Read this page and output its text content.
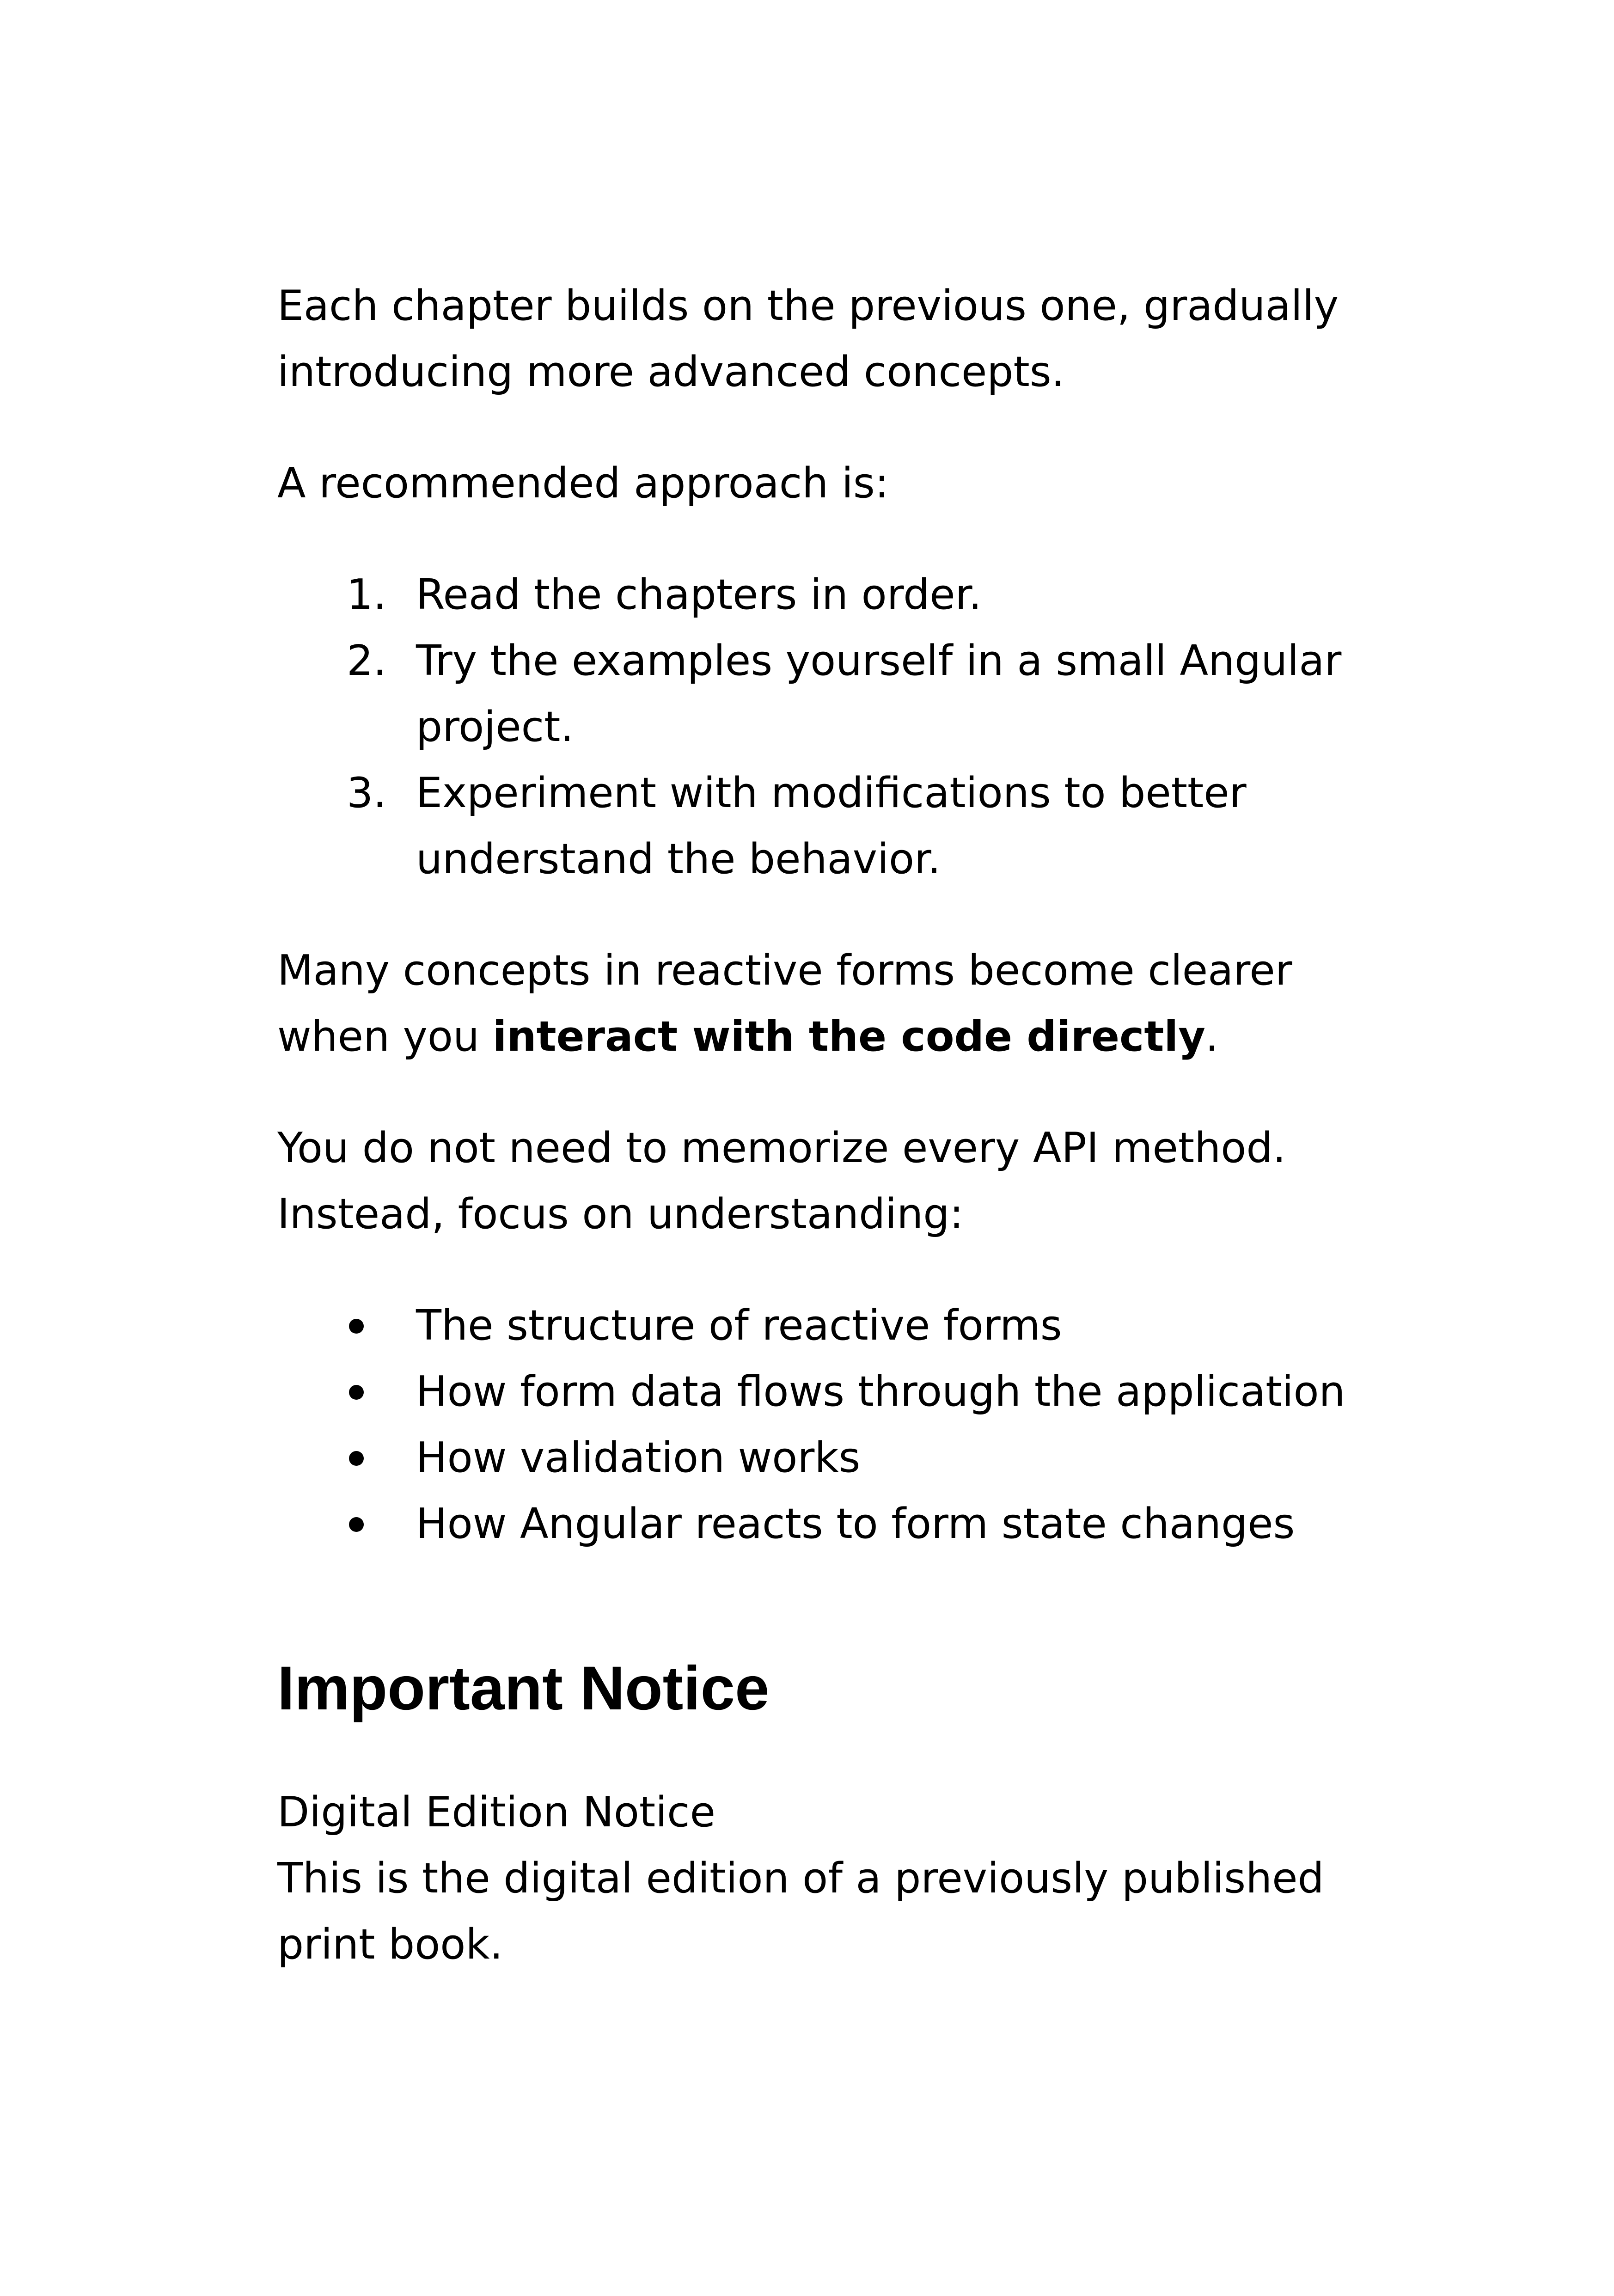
Each chapter builds on the previous one, gradually introducing more advanced concepts.

A recommended approach is:

1. Read the chapters in order.
2. Try the examples yourself in a small Angular project.
3. Experiment with modifications to better understand the behavior.

Many concepts in reactive forms become clearer when you interact with the code directly.

You do not need to memorize every API method. Instead, focus on understanding:

The structure of reactive forms
How form data flows through the application
How validation works
How Angular reacts to form state changes
Important Notice

Digital Edition Notice

This is the digital edition of a previously published print book.
